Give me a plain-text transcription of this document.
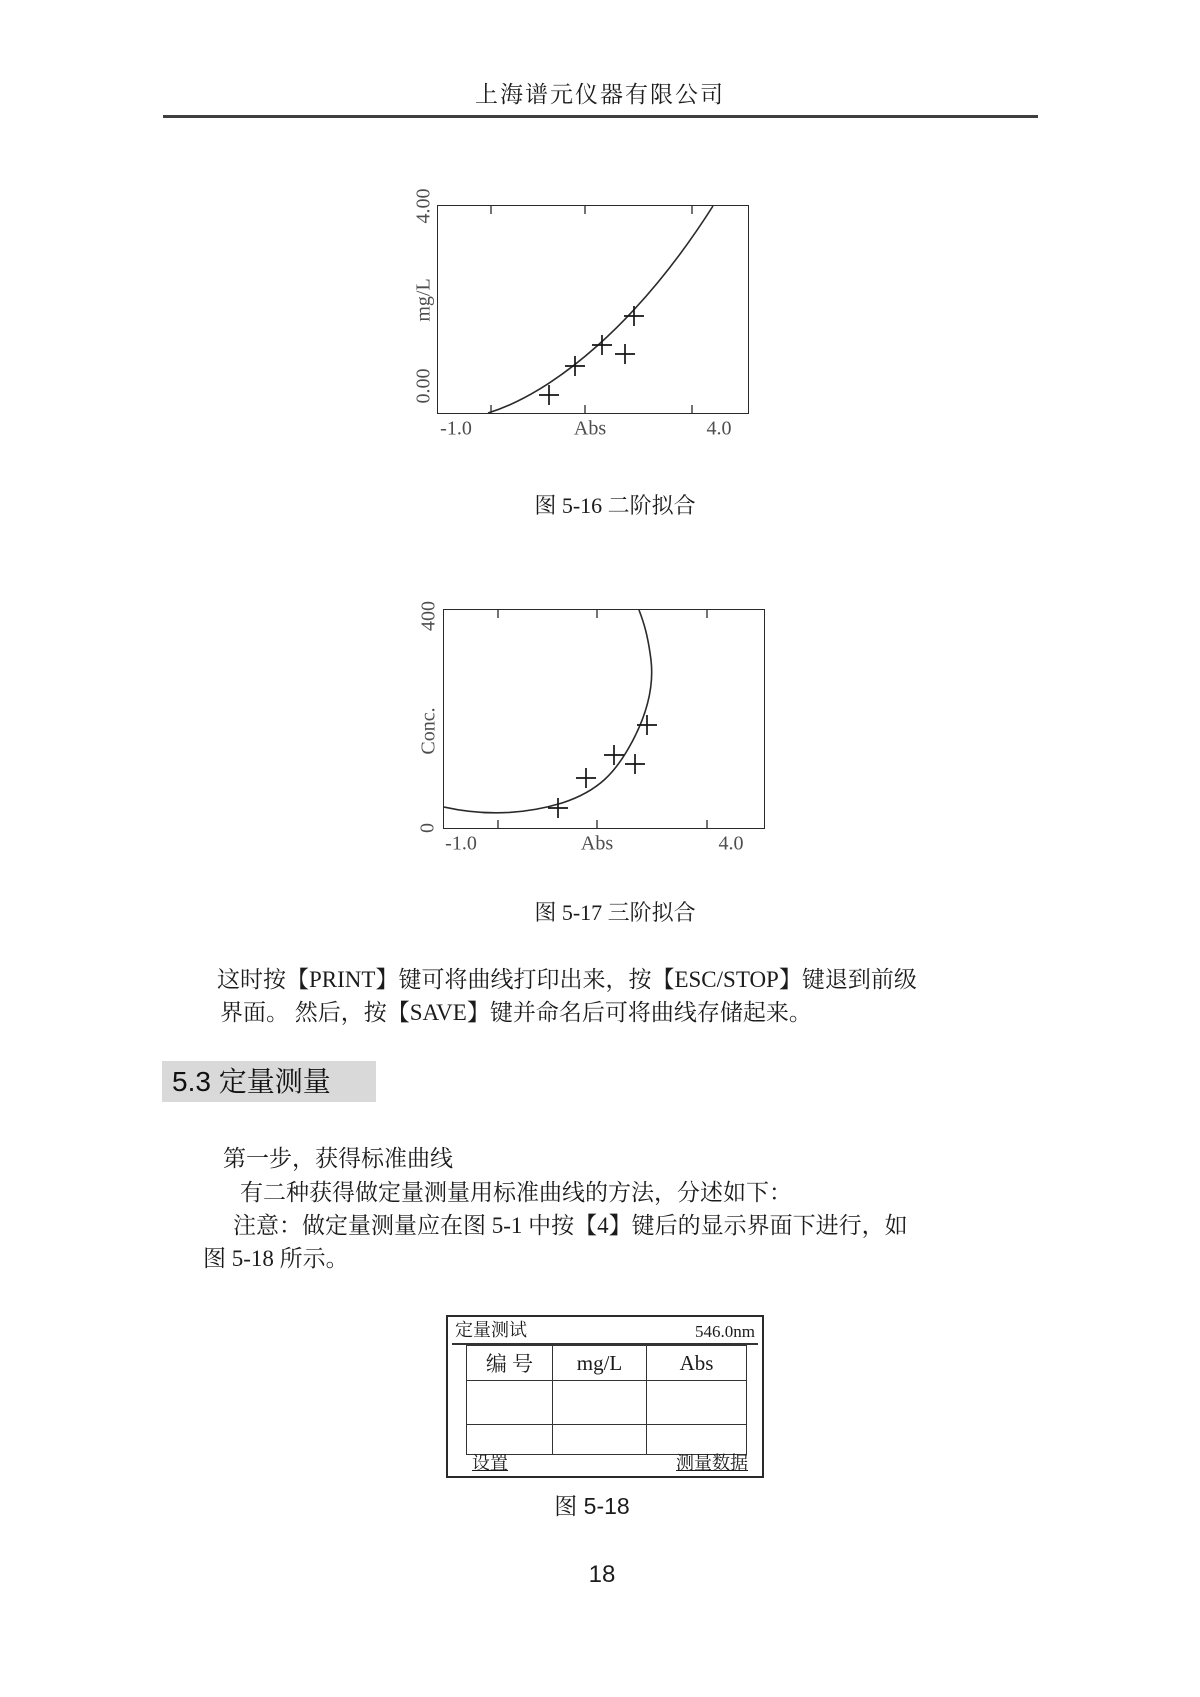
上海谱元仪器有限公司
4.00
mg/L
0.00
-1.0	Abs	4.0
图 5-16 二阶拟合
400
Conc.
0
-1.0	Abs	4.0
图 5-17 三阶拟合
这时按【PRINT】键可将曲线打印出来，按【ESC/STOP】键退到前级
界面。 然后，按【SAVE】键并命名后可将曲线存储起来。
5.3 定量测量
第一步，获得标准曲线
有二种获得做定量测量用标准曲线的方法，分述如下：
注意：做定量测量应在图 5-1 中按【4】键后的显示界面下进行，如
图 5-18 所示。
定量测试	546.0nm
编 号	mg/L	Abs

设置	测量数据
图 5-18
18
